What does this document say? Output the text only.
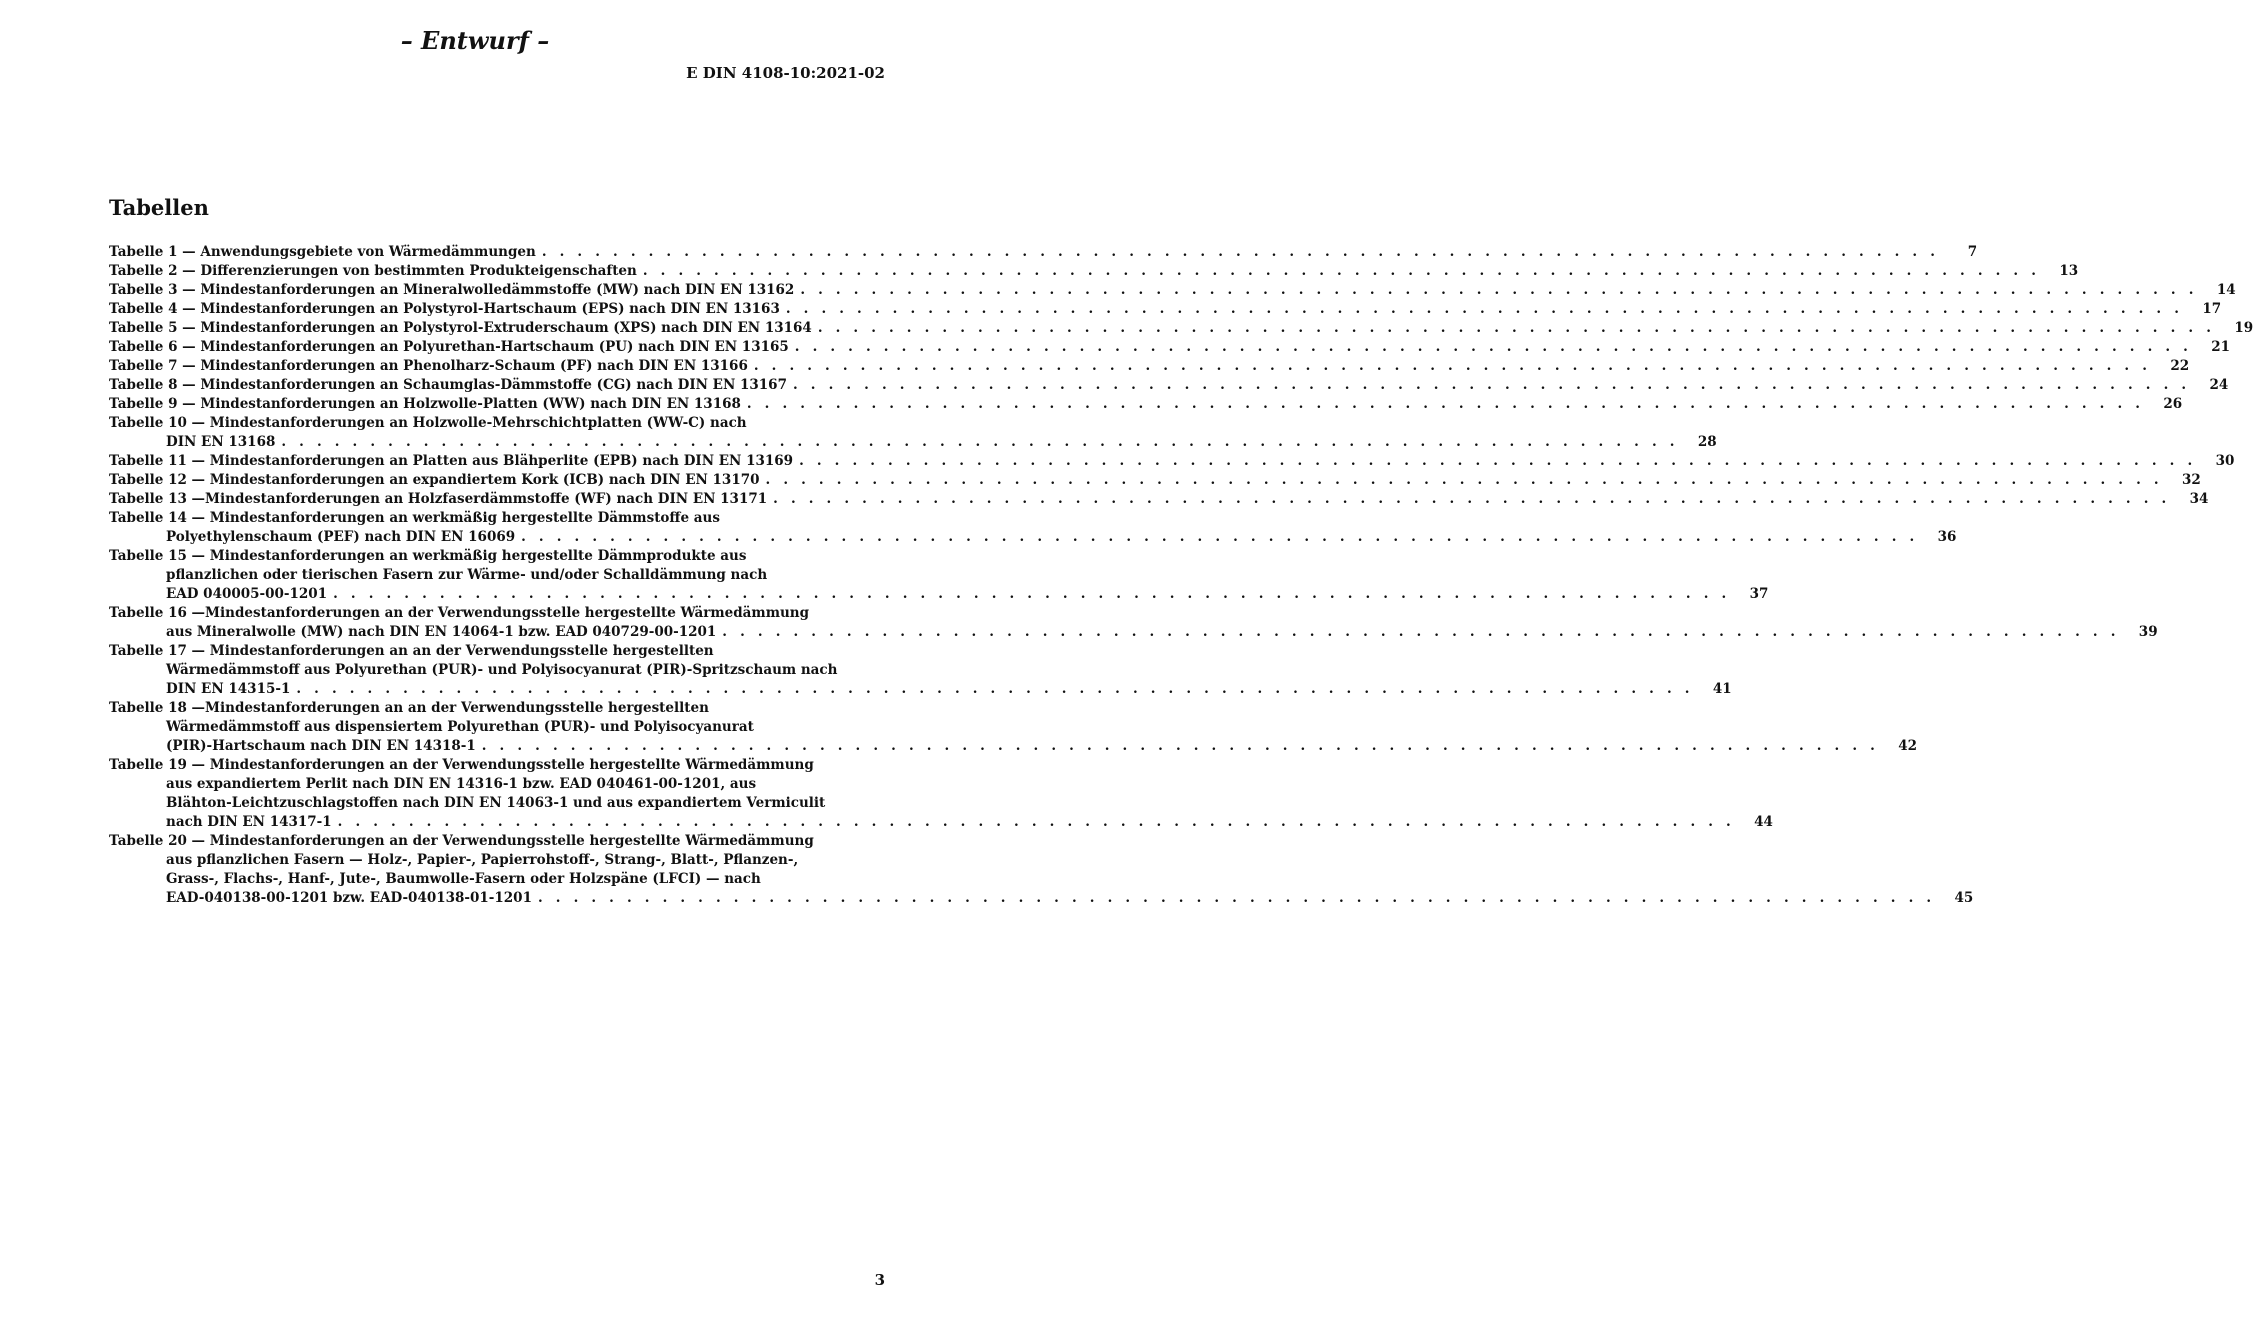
– Entwurf –
E DIN 4108-10:2021-02
Tabellen
Tabelle 1 — Anwendungsgebiete von Wärmedämmungen . . . . . . . . . . . . . . . . . . . . . . . . . . . . . . . . . . . . . . . . . . . . . . . . . . . . . . . . . . . . . . . . . . . . . . . . . . . . . . .	7
Tabelle 2 — Differenzierungen von bestimmten Produkteigenschaften . . . . . . . . . . . . . . . . . . . . . . . . . . . . . . . . . . . . . . . . . . . . . . . . . . . . . . . . . . . . . . . . . . . . . . . . . . . . . . .	13
Tabelle 3 — Mindestanforderungen an Mineralwolledämmstoffe (MW) nach DIN EN 13162 . . . . . . . . . . . . . . . . . . . . . . . . . . . . . . . . . . . . . . . . . . . . . . . . . . . . . . . . . . . . . . . . . . . . . . . . . . . . . . .	14
Tabelle 4 — Mindestanforderungen an Polystyrol-Hartschaum (EPS) nach DIN EN 13163 . . . . . . . . . . . . . . . . . . . . . . . . . . . . . . . . . . . . . . . . . . . . . . . . . . . . . . . . . . . . . . . . . . . . . . . . . . . . . . .	17
Tabelle 5 — Mindestanforderungen an Polystyrol-Extruderschaum (XPS) nach DIN EN 13164 . . . . . . . . . . . . . . . . . . . . . . . . . . . . . . . . . . . . . . . . . . . . . . . . . . . . . . . . . . . . . . . . . . . . . . . . . . . . . . .	19
Tabelle 6 — Mindestanforderungen an Polyurethan-Hartschaum (PU) nach DIN EN 13165 . . . . . . . . . . . . . . . . . . . . . . . . . . . . . . . . . . . . . . . . . . . . . . . . . . . . . . . . . . . . . . . . . . . . . . . . . . . . . . .	21
Tabelle 7 — Mindestanforderungen an Phenolharz-Schaum (PF) nach DIN EN 13166 . . . . . . . . . . . . . . . . . . . . . . . . . . . . . . . . . . . . . . . . . . . . . . . . . . . . . . . . . . . . . . . . . . . . . . . . . . . . . . .	22
Tabelle 8 — Mindestanforderungen an Schaumglas-Dämmstoffe (CG) nach DIN EN 13167 . . . . . . . . . . . . . . . . . . . . . . . . . . . . . . . . . . . . . . . . . . . . . . . . . . . . . . . . . . . . . . . . . . . . . . . . . . . . . . .	24
Tabelle 9 — Mindestanforderungen an Holzwolle-Platten (WW) nach DIN EN 13168 . . . . . . . . . . . . . . . . . . . . . . . . . . . . . . . . . . . . . . . . . . . . . . . . . . . . . . . . . . . . . . . . . . . . . . . . . . . . . . .	26
Tabelle 10 — Mindestanforderungen an Holzwolle-Mehrschichtplatten (WW-C) nach
DIN EN 13168 . . . . . . . . . . . . . . . . . . . . . . . . . . . . . . . . . . . . . . . . . . . . . . . . . . . . . . . . . . . . . . . . . . . . . . . . . . . . . . .	28
Tabelle 11 — Mindestanforderungen an Platten aus Blähperlite (EPB) nach DIN EN 13169 . . . . . . . . . . . . . . . . . . . . . . . . . . . . . . . . . . . . . . . . . . . . . . . . . . . . . . . . . . . . . . . . . . . . . . . . . . . . . . .	30
Tabelle 12 — Mindestanforderungen an expandiertem Kork (ICB) nach DIN EN 13170 . . . . . . . . . . . . . . . . . . . . . . . . . . . . . . . . . . . . . . . . . . . . . . . . . . . . . . . . . . . . . . . . . . . . . . . . . . . . . . .	32
Tabelle 13 —Mindestanforderungen an Holzfaserdämmstoffe (WF) nach DIN EN 13171 . . . . . . . . . . . . . . . . . . . . . . . . . . . . . . . . . . . . . . . . . . . . . . . . . . . . . . . . . . . . . . . . . . . . . . . . . . . . . . .	34
Tabelle 14 — Mindestanforderungen an werkmäßig hergestellte Dämmstoffe aus
Polyethylenschaum (PEF) nach DIN EN 16069 . . . . . . . . . . . . . . . . . . . . . . . . . . . . . . . . . . . . . . . . . . . . . . . . . . . . . . . . . . . . . . . . . . . . . . . . . . . . . . .	36
Tabelle 15 — Mindestanforderungen an werkmäßig hergestellte Dämmprodukte aus
pflanzlichen oder tierischen Fasern zur Wärme- und/oder Schalldämmung nach
EAD 040005-00-1201 . . . . . . . . . . . . . . . . . . . . . . . . . . . . . . . . . . . . . . . . . . . . . . . . . . . . . . . . . . . . . . . . . . . . . . . . . . . . . . .	37
Tabelle 16 —Mindestanforderungen an der Verwendungsstelle hergestellte Wärmedämmung
aus Mineralwolle (MW) nach DIN EN 14064-1 bzw. EAD 040729-00-1201 . . . . . . . . . . . . . . . . . . . . . . . . . . . . . . . . . . . . . . . . . . . . . . . . . . . . . . . . . . . . . . . . . . . . . . . . . . . . . . .	39
Tabelle 17 — Mindestanforderungen an an der Verwendungsstelle hergestellten
Wärmedämmstoff aus Polyurethan (PUR)- und Polyisocyanurat (PIR)-Spritzschaum nach
DIN EN 14315-1 . . . . . . . . . . . . . . . . . . . . . . . . . . . . . . . . . . . . . . . . . . . . . . . . . . . . . . . . . . . . . . . . . . . . . . . . . . . . . . .	41
Tabelle 18 —Mindestanforderungen an an der Verwendungsstelle hergestellten
Wärmedämmstoff aus dispensiertem Polyurethan (PUR)- und Polyisocyanurat
(PIR)-Hartschaum nach DIN EN 14318-1 . . . . . . . . . . . . . . . . . . . . . . . . . . . . . . . . . . . . . . . . . . . . . . . . . . . . . . . . . . . . . . . . . . . . . . . . . . . . . . .	42
Tabelle 19 — Mindestanforderungen an der Verwendungsstelle hergestellte Wärmedämmung
aus expandiertem Perlit nach DIN EN 14316-1 bzw. EAD 040461-00-1201, aus
Blähton-Leichtzuschlagstoffen nach DIN EN 14063-1 und aus expandiertem Vermiculit
nach DIN EN 14317-1 . . . . . . . . . . . . . . . . . . . . . . . . . . . . . . . . . . . . . . . . . . . . . . . . . . . . . . . . . . . . . . . . . . . . . . . . . . . . . . .	44
Tabelle 20 — Mindestanforderungen an der Verwendungsstelle hergestellte Wärmedämmung
aus pflanzlichen Fasern — Holz-, Papier-, Papierrohstoff-, Strang-, Blatt-, Pflanzen-,
Grass-, Flachs-, Hanf-, Jute-, Baumwolle-Fasern oder Holzspäne (LFCI) — nach
EAD-040138-00-1201 bzw. EAD-040138-01-1201 . . . . . . . . . . . . . . . . . . . . . . . . . . . . . . . . . . . . . . . . . . . . . . . . . . . . . . . . . . . . . . . . . . . . . . . . . . . . . . .	45
3
